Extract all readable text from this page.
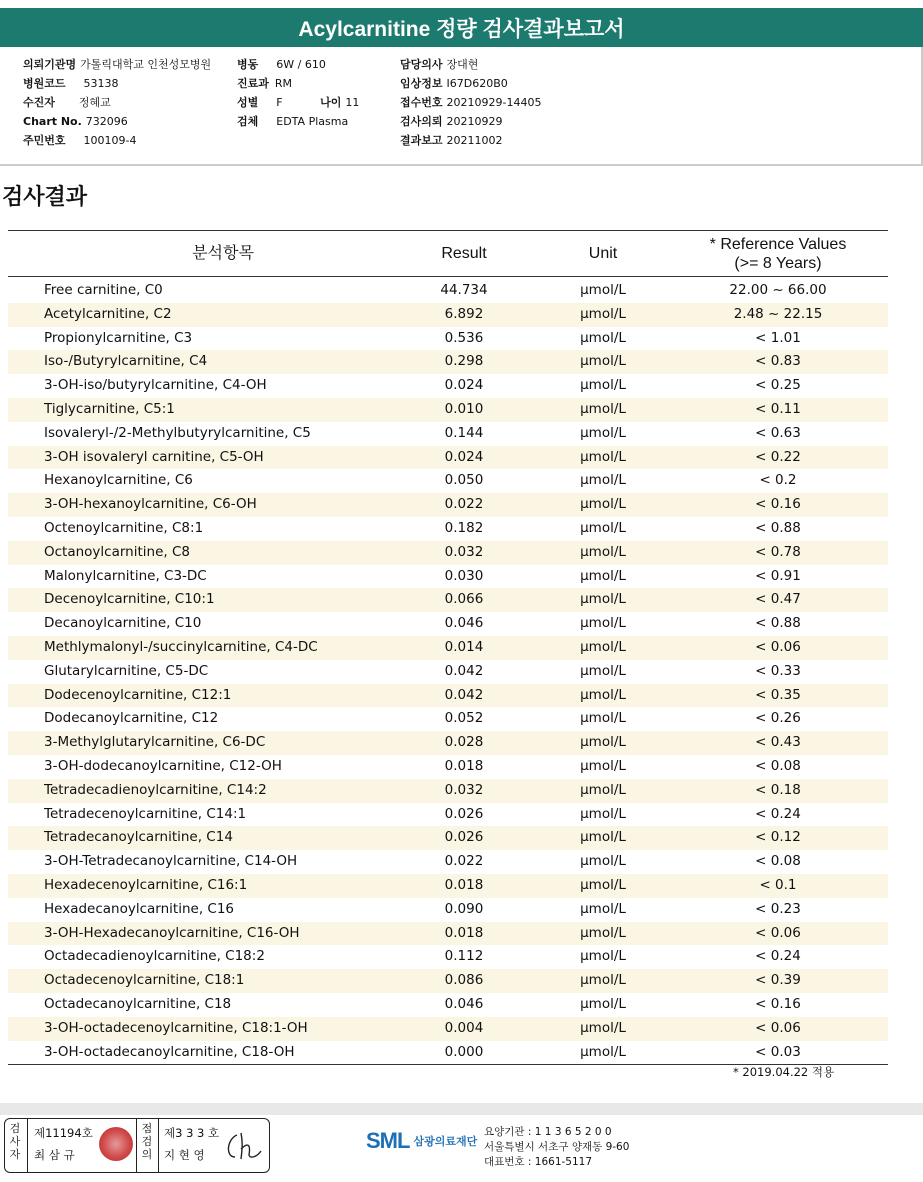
Acylcarnitine 정량 검사결과보고서
의뢰기관명 가톨릭대학교 인천성모병원
병원코드 53138
수진자 정혜교
Chart No. 732096
주민번호 100109-4
병동 6W / 610
진료과 RM
성별 F	나이 11
검체 EDTA Plasma
담당의사 장대현
임상정보 I67D620B0
접수번호 20210929-14405
검사의뢰 20210929
결과보고 20211002
검사결과
분석항목	Result	Unit
* Reference Values
(>= 8 Years)
Free carnitine, C0	44.734	μmol/L	22.00 ~ 66.00
Acetylcarnitine, C2	6.892	μmol/L	2.48 ~ 22.15
Propionylcarnitine, C3	0.536	μmol/L	< 1.01
Iso-/Butyrylcarnitine, C4	0.298	μmol/L	< 0.83
3-OH-iso/butyrylcarnitine, C4-OH	0.024	μmol/L	< 0.25
Tiglycarnitine, C5:1	0.010	μmol/L	< 0.11
Isovaleryl-/2-Methylbutyrylcarnitine, C5	0.144	μmol/L	< 0.63
3-OH isovaleryl carnitine, C5-OH	0.024	μmol/L	< 0.22
Hexanoylcarnitine, C6	0.050	μmol/L	< 0.2
3-OH-hexanoylcarnitine, C6-OH	0.022	μmol/L	< 0.16
Octenoylcarnitine, C8:1	0.182	μmol/L	< 0.88
Octanoylcarnitine, C8	0.032	μmol/L	< 0.78
Malonylcarnitine, C3-DC	0.030	μmol/L	< 0.91
Decenoylcarnitine, C10:1	0.066	μmol/L	< 0.47
Decanoylcarnitine, C10	0.046	μmol/L	< 0.88
Methlymalonyl-/succinylcarnitine, C4-DC	0.014	μmol/L	< 0.06
Glutarylcarnitine, C5-DC	0.042	μmol/L	< 0.33
Dodecenoylcarnitine, C12:1	0.042	μmol/L	< 0.35
Dodecanoylcarnitine, C12	0.052	μmol/L	< 0.26
3-Methylglutarylcarnitine, C6-DC	0.028	μmol/L	< 0.43
3-OH-dodecanoylcarnitine, C12-OH	0.018	μmol/L	< 0.08
Tetradecadienoylcarnitine, C14:2	0.032	μmol/L	< 0.18
Tetradecenoylcarnitine, C14:1	0.026	μmol/L	< 0.24
Tetradecanoylcarnitine, C14	0.026	μmol/L	< 0.12
3-OH-Tetradecanoylcarnitine, C14-OH	0.022	μmol/L	< 0.08
Hexadecenoylcarnitine, C16:1	0.018	μmol/L	< 0.1
Hexadecanoylcarnitine, C16	0.090	μmol/L	< 0.23
3-OH-Hexadecanoylcarnitine, C16-OH	0.018	μmol/L	< 0.06
Octadecadienoylcarnitine, C18:2	0.112	μmol/L	< 0.24
Octadecenoylcarnitine, C18:1	0.086	μmol/L	< 0.39
Octadecanoylcarnitine, C18	0.046	μmol/L	< 0.16
3-OH-octadecenoylcarnitine, C18:1-OH	0.004	μmol/L	< 0.06
3-OH-octadecanoylcarnitine, C18-OH	0.000	μmol/L	< 0.03
* 2019.04.22 적용
검사자
제11194호
최 삼 규
점검의
제3 3 3 호
지 현 영
SML 삼광의료재단
요양기관 : 1 1 3 6 5 2 0 0
서울특별시 서초구 양재동 9-60
대표번호 : 1661-5117
